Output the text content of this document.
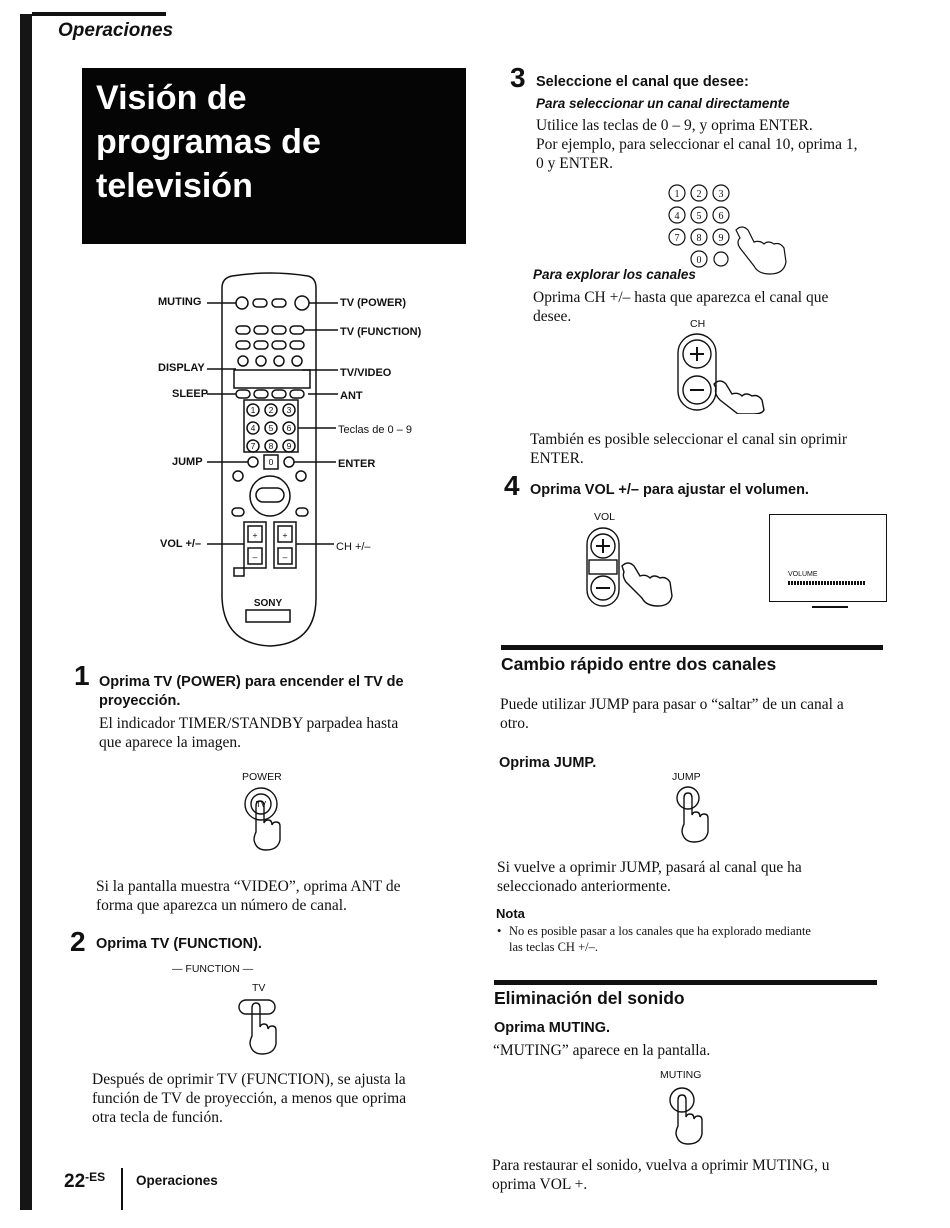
Operaciones
Visión de
programas de
televisión
1 2 3
4 5 6
7 8 9
0
+
–
+
–
SONY
MUTING
DISPLAY
SLEEP
JUMP
VOL +/–
TV (POWER)
TV (FUNCTION)
TV/VIDEO
ANT
Teclas de 0 – 9
ENTER
CH +/–
1 Oprima TV (POWER) para encender el TV de
proyección.
El indicador TIMER/STANDBY parpadea hasta
que aparece la imagen.
POWER
TV
Si la pantalla muestra “VIDEO”, oprima ANT de
forma que aparezca un número de canal.
2 Oprima TV (FUNCTION).
— FUNCTION —
TV
Después de oprimir TV (FUNCTION), se ajusta la
función de TV de proyección, a menos que oprima
otra tecla de función.
$22^{-ES}$ Operaciones
3 Seleccione el canal que desee:
Para seleccionar un canal directamente
Utilice las teclas de 0 – 9, y oprima ENTER.
Por ejemplo, para seleccionar el canal 10, oprima 1,
0 y ENTER.
1 2 3
4 5 6
7 8 9
0
Para explorar los canales
Oprima CH +/– hasta que aparezca el canal que
desee.	CH
También es posible seleccionar el canal sin oprimir
ENTER.
4 Oprima VOL +/– para ajustar el volumen.
VOL
VOLUME
Cambio rápido entre dos canales
Puede utilizar JUMP para pasar o “saltar” de un canal a
otro.
Oprima JUMP.
JUMP
Si vuelve a oprimir JUMP, pasará al canal que ha
seleccionado anteriormente.
Nota
• No es posible pasar a los canales que ha explorado mediante
las teclas CH +/–.
Eliminación del sonido
Oprima MUTING.
“MUTING” aparece en la pantalla.
MUTING
Para restaurar el sonido, vuelva a oprimir MUTING, u
oprima VOL +.
